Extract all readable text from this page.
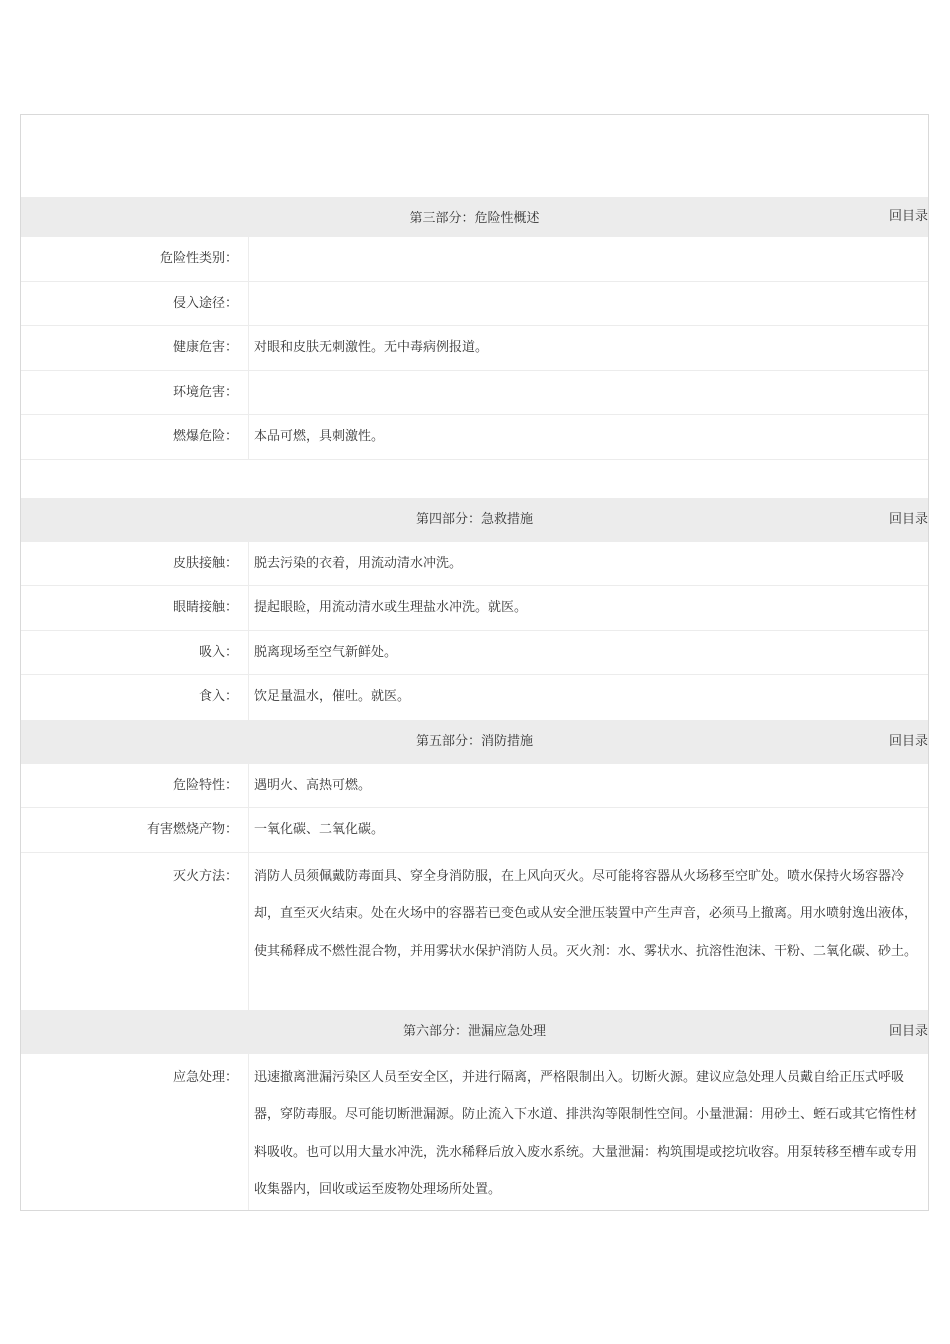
第三部分：危险性概述	回目录
危险性类别：
侵入途径：
健康危害：	对眼和皮肤无刺激性。无中毒病例报道。
环境危害：
燃爆危险：	本品可燃，具刺激性。
第四部分：急救措施	回目录
皮肤接触：	脱去污染的衣着，用流动清水冲洗。
眼睛接触：	提起眼睑，用流动清水或生理盐水冲洗。就医。
吸入：	脱离现场至空气新鲜处。
食入：	饮足量温水，催吐。就医。
第五部分：消防措施	回目录
危险特性：	遇明火、高热可燃。
有害燃烧产物：	一氧化碳、二氧化碳。
灭火方法：	消防人员须佩戴防毒面具、穿全身消防服，在上风向灭火。尽可能将容器从火场移至空旷处。喷水保持火场容器冷却，直至灭火结束。处在火场中的容器若已变色或从安全泄压装置中产生声音，必须马上撤离。用水喷射逸出液体，使其稀释成不燃性混合物，并用雾状水保护消防人员。灭火剂：水、雾状水、抗溶性泡沫、干粉、二氧化碳、砂土。
第六部分：泄漏应急处理	回目录
应急处理：	迅速撤离泄漏污染区人员至安全区，并进行隔离，严格限制出入。切断火源。建议应急处理人员戴自给正压式呼吸器，穿防毒服。尽可能切断泄漏源。防止流入下水道、排洪沟等限制性空间。小量泄漏：用砂土、蛭石或其它惰性材料吸收。也可以用大量水冲洗，洗水稀释后放入废水系统。大量泄漏：构筑围堤或挖坑收容。用泵转移至槽车或专用收集器内，回收或运至废物处理场所处置。
